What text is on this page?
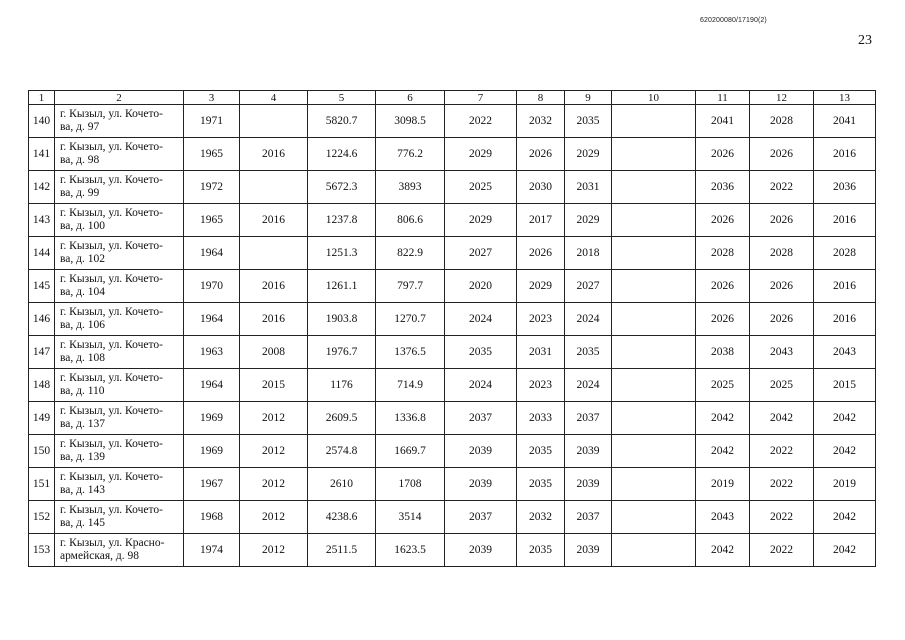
620200080/17190(2)
23
1	2	3	4	5	6	7	8	9	10	11	12	13
140	г. Кызыл, ул. Кочето-
ва, д. 97	1971		5820.7	3098.5	2022	2032	2035		2041	2028	2041
141	г. Кызыл, ул. Кочето-
ва, д. 98	1965	2016	1224.6	776.2	2029	2026	2029		2026	2026	2016
142	г. Кызыл, ул. Кочето-
ва, д. 99	1972		5672.3	3893	2025	2030	2031		2036	2022	2036
143	г. Кызыл, ул. Кочето-
ва, д. 100	1965	2016	1237.8	806.6	2029	2017	2029		2026	2026	2016
144	г. Кызыл, ул. Кочето-
ва, д. 102	1964		1251.3	822.9	2027	2026	2018		2028	2028	2028
145	г. Кызыл, ул. Кочето-
ва, д. 104	1970	2016	1261.1	797.7	2020	2029	2027		2026	2026	2016
146	г. Кызыл, ул. Кочето-
ва, д. 106	1964	2016	1903.8	1270.7	2024	2023	2024		2026	2026	2016
147	г. Кызыл, ул. Кочето-
ва, д. 108	1963	2008	1976.7	1376.5	2035	2031	2035		2038	2043	2043
148	г. Кызыл, ул. Кочето-
ва, д. 110	1964	2015	1176	714.9	2024	2023	2024		2025	2025	2015
149	г. Кызыл, ул. Кочето-
ва, д. 137	1969	2012	2609.5	1336.8	2037	2033	2037		2042	2042	2042
150	г. Кызыл, ул. Кочето-
ва, д. 139	1969	2012	2574.8	1669.7	2039	2035	2039		2042	2022	2042
151	г. Кызыл, ул. Кочето-
ва, д. 143	1967	2012	2610	1708	2039	2035	2039		2019	2022	2019
152	г. Кызыл, ул. Кочето-
ва, д. 145	1968	2012	4238.6	3514	2037	2032	2037		2043	2022	2042
153	г. Кызыл, ул. Красно-
армейская, д. 98	1974	2012	2511.5	1623.5	2039	2035	2039		2042	2022	2042
